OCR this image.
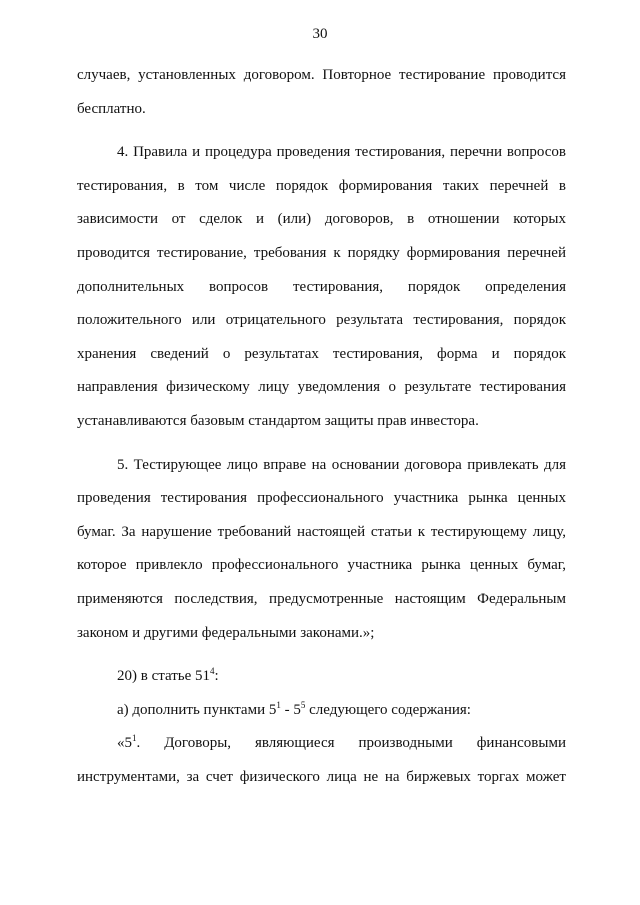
30
случаев, установленных договором. Повторное тестирование проводится
бесплатно.
4. Правила и процедура проведения тестирования, перечни вопросов
тестирования, в том числе порядок формирования таких перечней в
зависимости от сделок и (или) договоров, в отношении которых
проводится тестирование, требования к порядку формирования перечней
дополнительных вопросов тестирования, порядок определения
положительного или отрицательного результата тестирования, порядок
хранения сведений о результатах тестирования, форма и порядок
направления физическому лицу уведомления о результате тестирования
устанавливаются базовым стандартом защиты прав инвестора.
5. Тестирующее лицо вправе на основании договора привлекать для
проведения тестирования профессионального участника рынка ценных
бумаг. За нарушение требований настоящей статьи к тестирующему лицу,
которое привлекло профессионального участника рынка ценных бумаг,
применяются последствия, предусмотренные настоящим Федеральным
законом и другими федеральными законами.»;
20) в статье $51^4$:
а) дополнить пунктами $5^1 - 5^5$ следующего содержания:
«$5^1$. Договоры, являющиеся производными финансовыми
инструментами, за счет физического лица не на биржевых торгах может
